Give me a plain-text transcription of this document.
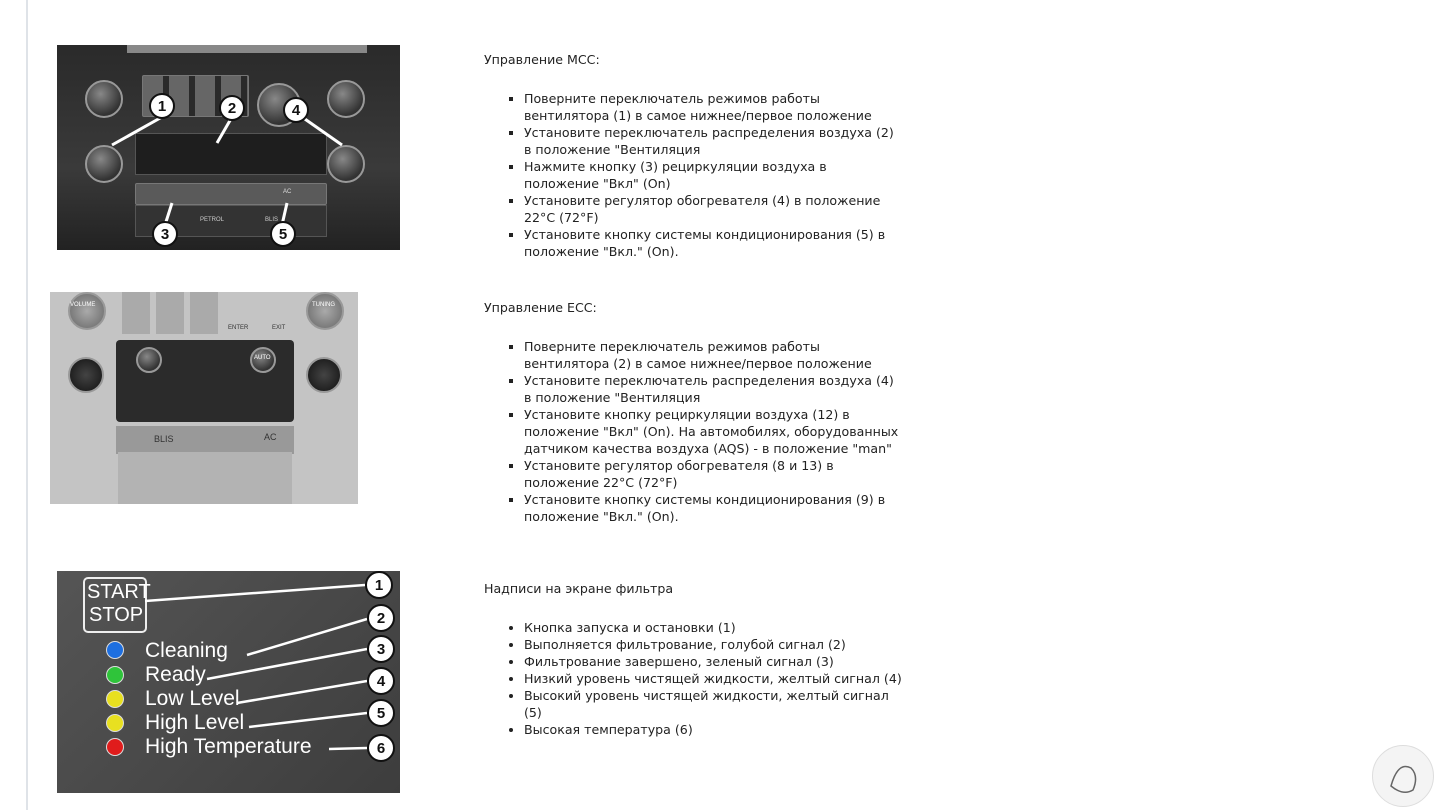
PETROL	BLIS
AC
1	2	4
3	5
VOLUME	TUNING
ENTER	EXIT
AUTO
AC
BLIS
START
STOP
Cleaning
Ready
Low Level
High Level
High Temperature
1
2
3
4
5
6
Управление MCC:
▪ Поверните переключатель режимов работы вентилятора (1) в самое нижнее/первое положение
▪ Установите переключатель распределения воздуха (2) в положение "Вентиляция
▪ Нажмите кнопку (3) рециркуляции воздуха в положение "Вкл" (On)
▪ Установите регулятор обогревателя (4) в положение 22°C (72°F)
▪ Установите кнопку системы кондиционирования (5) в положение "Вкл." (On).
Управление ECC:
▪ Поверните переключатель режимов работы вентилятора (2) в самое нижнее/первое положение
▪ Установите переключатель распределения воздуха (4) в положение "Вентиляция
▪ Установите кнопку рециркуляции воздуха (12) в положение "Вкл" (On). На автомобилях, оборудованных датчиком качества воздуха (AQS) - в положение "man"
▪ Установите регулятор обогревателя (8 и 13) в положение 22°C (72°F)
▪ Установите кнопку системы кондиционирования (9) в положение "Вкл." (On).
Надписи на экране фильтра
• Кнопка запуска и остановки (1)
• Выполняется фильтрование, голубой сигнал (2)
• Фильтрование завершено, зеленый сигнал (3)
• Низкий уровень чистящей жидкости, желтый сигнал (4)
• Высокий уровень чистящей жидкости, желтый сигнал (5)
• Высокая температура (6)
